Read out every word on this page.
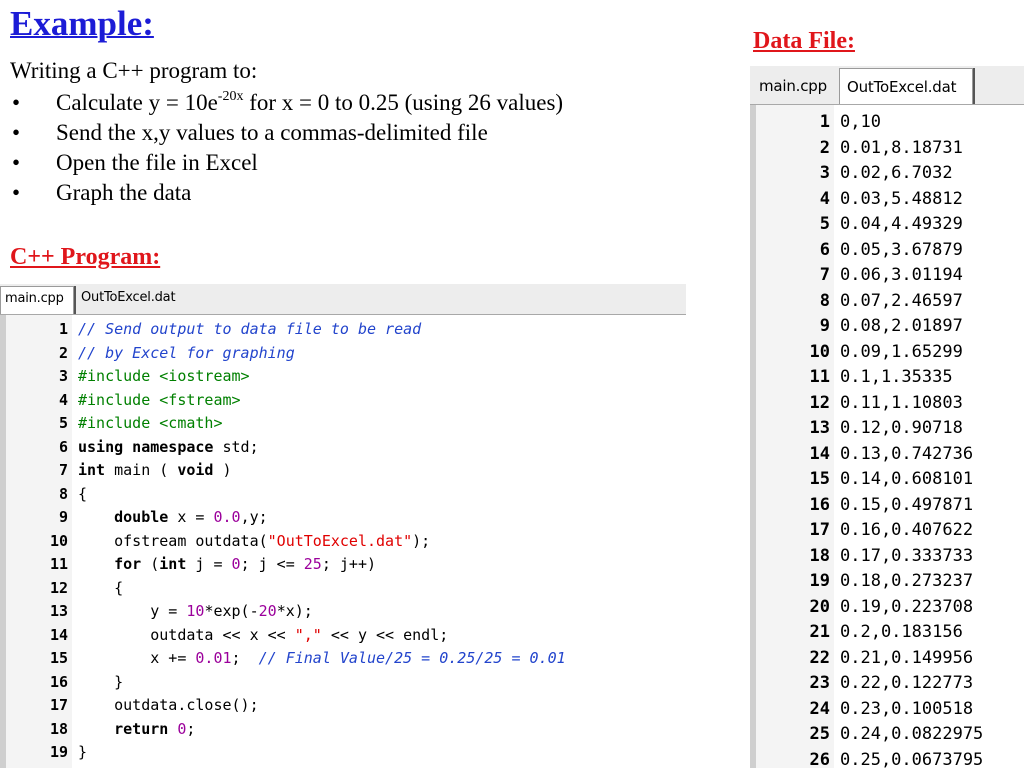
Example:
Writing a C++ program to:
• Calculate $y = 10e^{-20x}$ for x = 0 to 0.25 (using 26 values)
• Send the x,y values to a commas-delimited file
• Open the file in Excel
• Graph the data
C++ Program:
Data File:
main.cpp	OutToExcel.dat
1 // Send output to data file to be read
2 // by Excel for graphing
3 #include <iostream>
4 #include <fstream>
5 #include <cmath>
6 using namespace std;
7 int main ( void )
8 {
9	double x = 0.0,y;
10 ofstream outdata("OutToExcel.dat");
11	for (int j = 0; j <= 25; j++)
12 {
13 y = 10*exp(-20*x);
14 outdata << x << "," << y << endl;
15 x += 0.01;  // Final Value/25 = 0.25/25 = 0.01
16 }
17 outdata.close();
18	return 0;
19 }
main.cpp	OutToExcel.dat
1 0,10
2 0.01,8.18731
3 0.02,6.7032
4 0.03,5.48812
5 0.04,4.49329
6 0.05,3.67879
7 0.06,3.01194
8 0.07,2.46597
9 0.08,2.01897
10 0.09,1.65299
11 0.1,1.35335
12 0.11,1.10803
13 0.12,0.90718
14 0.13,0.742736
15 0.14,0.608101
16 0.15,0.497871
17 0.16,0.407622
18 0.17,0.333733
19 0.18,0.273237
20 0.19,0.223708
21 0.2,0.183156
22 0.21,0.149956
23 0.22,0.122773
24 0.23,0.100518
25 0.24,0.0822975
26 0.25,0.0673795
